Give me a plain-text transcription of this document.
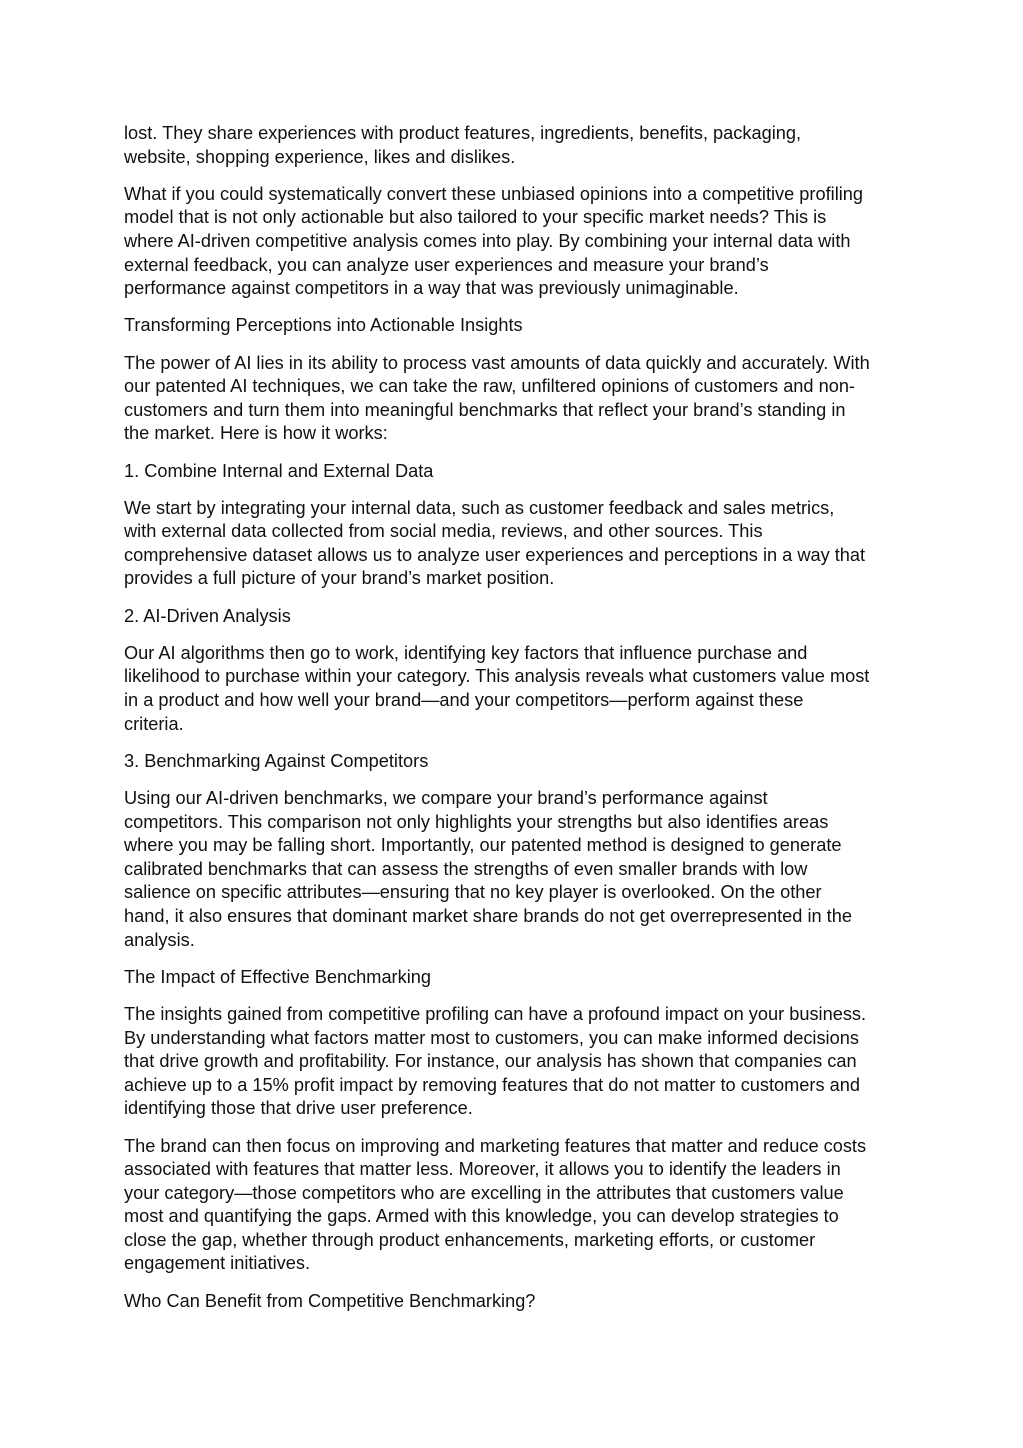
lost. They share experiences with product features, ingredients, benefits, packaging,
website, shopping experience, likes and dislikes.

What if you could systematically convert these unbiased opinions into a competitive profiling
model that is not only actionable but also tailored to your specific market needs? This is
where AI-driven competitive analysis comes into play. By combining your internal data with
external feedback, you can analyze user experiences and measure your brand’s
performance against competitors in a way that was previously unimaginable.

Transforming Perceptions into Actionable Insights

The power of AI lies in its ability to process vast amounts of data quickly and accurately. With
our patented AI techniques, we can take the raw, unfiltered opinions of customers and non-
customers and turn them into meaningful benchmarks that reflect your brand’s standing in
the market. Here is how it works:

1. Combine Internal and External Data

We start by integrating your internal data, such as customer feedback and sales metrics,
with external data collected from social media, reviews, and other sources. This
comprehensive dataset allows us to analyze user experiences and perceptions in a way that
provides a full picture of your brand’s market position.

2. AI-Driven Analysis

Our AI algorithms then go to work, identifying key factors that influence purchase and
likelihood to purchase within your category. This analysis reveals what customers value most
in a product and how well your brand—and your competitors—perform against these
criteria.

3. Benchmarking Against Competitors

Using our AI-driven benchmarks, we compare your brand’s performance against
competitors. This comparison not only highlights your strengths but also identifies areas
where you may be falling short. Importantly, our patented method is designed to generate
calibrated benchmarks that can assess the strengths of even smaller brands with low
salience on specific attributes—ensuring that no key player is overlooked. On the other
hand, it also ensures that dominant market share brands do not get overrepresented in the
analysis.

The Impact of Effective Benchmarking

The insights gained from competitive profiling can have a profound impact on your business.
By understanding what factors matter most to customers, you can make informed decisions
that drive growth and profitability. For instance, our analysis has shown that companies can
achieve up to a 15% profit impact by removing features that do not matter to customers and
identifying those that drive user preference.

The brand can then focus on improving and marketing features that matter and reduce costs
associated with features that matter less. Moreover, it allows you to identify the leaders in
your category—those competitors who are excelling in the attributes that customers value
most and quantifying the gaps. Armed with this knowledge, you can develop strategies to
close the gap, whether through product enhancements, marketing efforts, or customer
engagement initiatives.

Who Can Benefit from Competitive Benchmarking?
